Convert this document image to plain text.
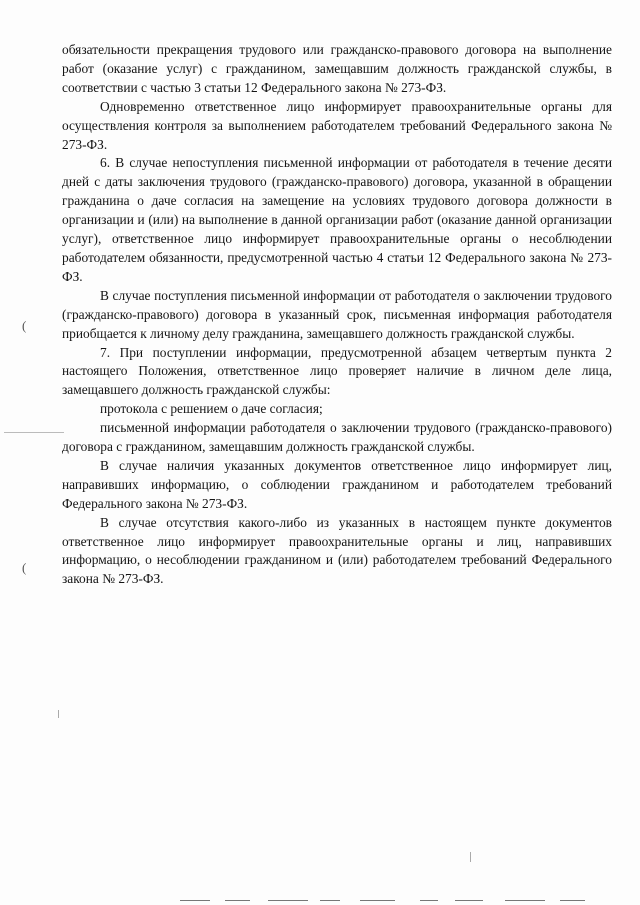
обязательности прекращения трудового или гражданско-правового договора на выполнение работ (оказание услуг) с гражданином, замещавшим должность гражданской службы, в соответствии с частью 3 статьи 12 Федерального закона № 273-ФЗ.

Одновременно ответственное лицо информирует правоохранительные органы для осуществления контроля за выполнением работодателем требований Федерального закона № 273-ФЗ.

6. В случае непоступления письменной информации от работодателя в течение десяти дней с даты заключения трудового (гражданско-правового) договора, указанной в обращении гражданина о даче согласия на замещение на условиях трудового договора должности в организации и (или) на выполнение в данной организации работ (оказание данной организации услуг), ответственное лицо информирует правоохранительные органы о несоблюдении работодателем обязанности, предусмотренной частью 4 статьи 12 Федерального закона № 273-ФЗ.

В случае поступления письменной информации от работодателя о заключении трудового (гражданско-правового) договора в указанный срок, письменная информация работодателя приобщается к личному делу гражданина, замещавшего должность гражданской службы.

7. При поступлении информации, предусмотренной абзацем четвертым пункта 2 настоящего Положения, ответственное лицо проверяет наличие в личном деле лица, замещавшего должность гражданской службы:

протокола с решением о даче согласия;

письменной информации работодателя о заключении трудового (гражданско-правового) договора с гражданином, замещавшим должность гражданской службы.

В случае наличия указанных документов ответственное лицо информирует лиц, направивших информацию, о соблюдении гражданином и работодателем требований Федерального закона № 273-ФЗ.

В случае отсутствия какого-либо из указанных в настоящем пункте документов ответственное лицо информирует правоохранительные органы и лиц, направивших информацию, о несоблюдении гражданином и (или) работодателем требований Федерального закона № 273-ФЗ.

(
(
